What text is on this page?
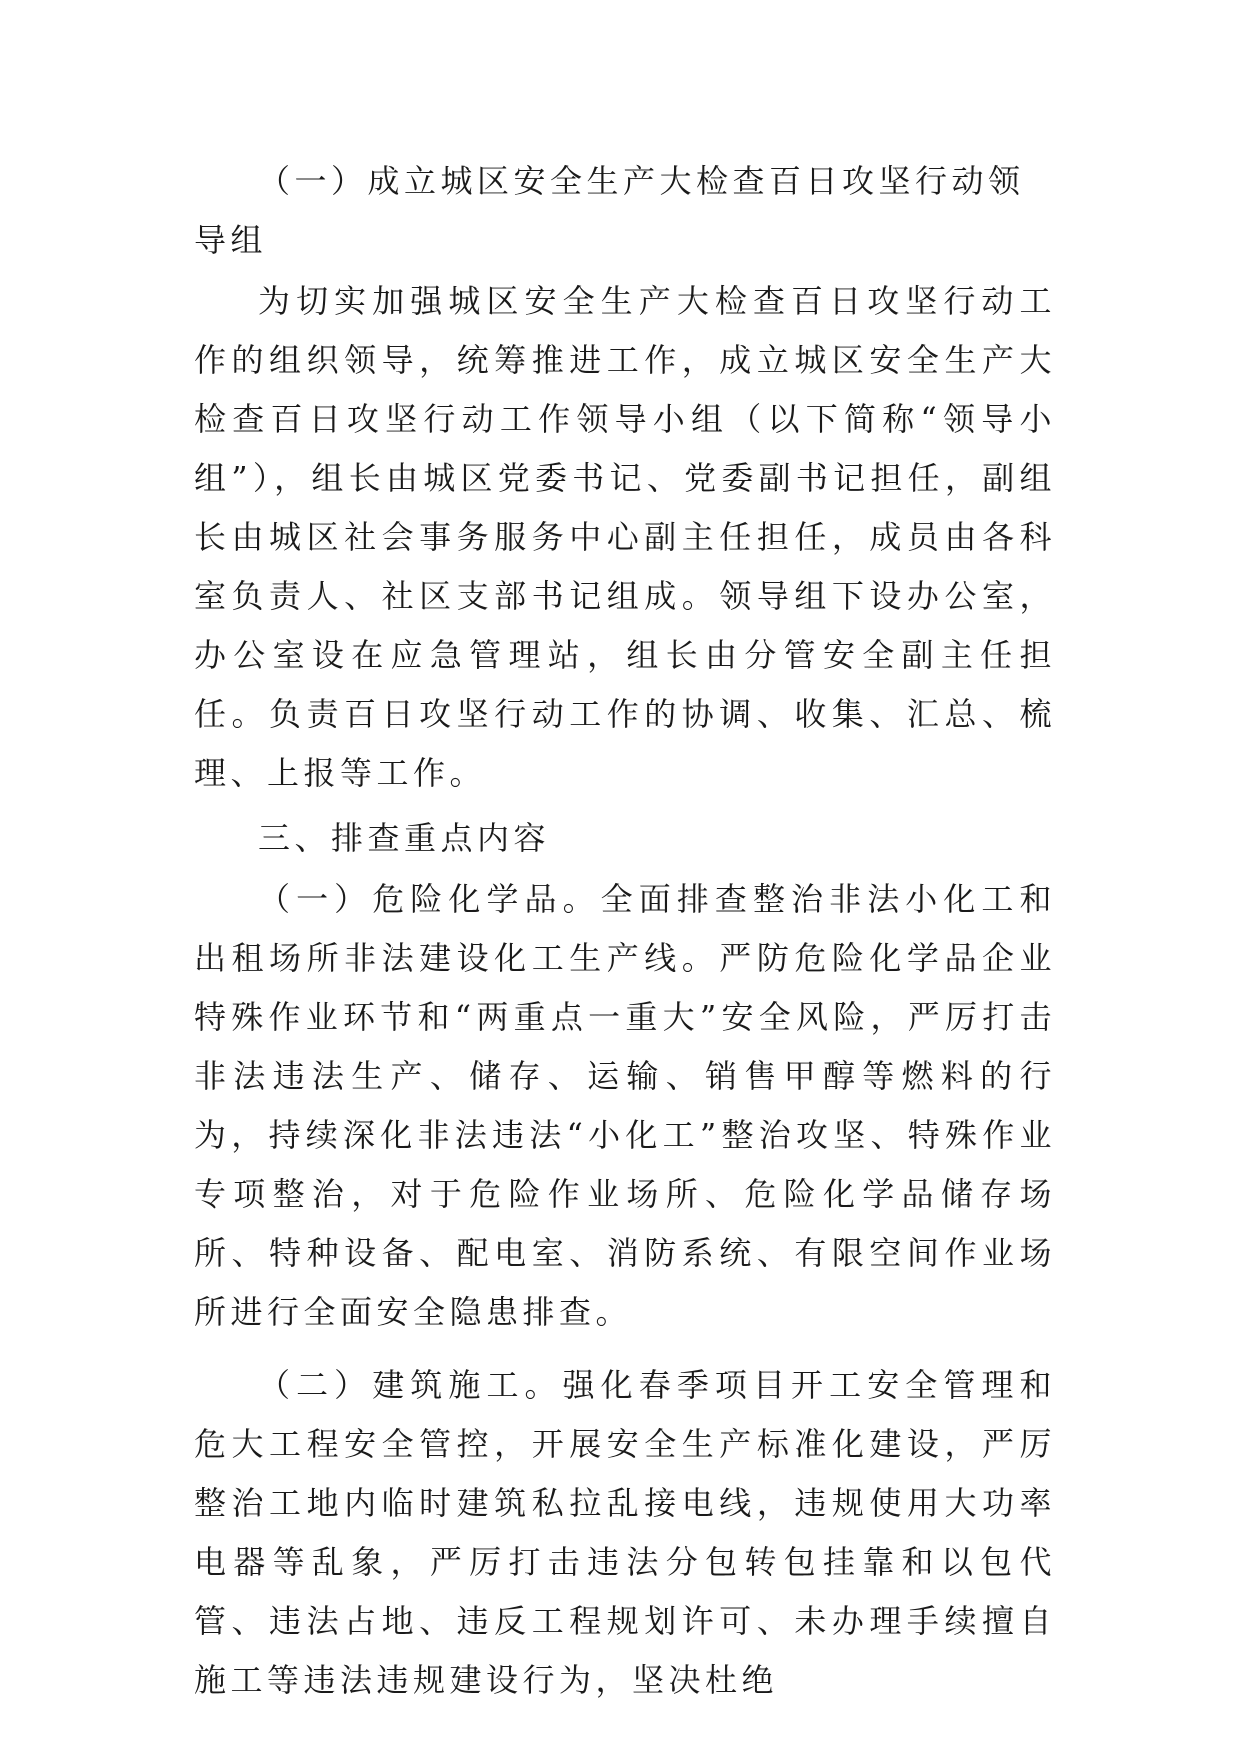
（一）成立城区安全生产大检查百日攻坚行动领导组

为切实加强城区安全生产大检查百日攻坚行动工作的组织领导，统筹推进工作，成立城区安全生产大检查百日攻坚行动工作领导小组（以下简称“领导小组”），组长由城区党委书记、党委副书记担任，副组长由城区社会事务服务中心副主任担任，成员由各科室负责人、社区支部书记组成。领导组下设办公室，办公室设在应急管理站，组长由分管安全副主任担任。负责百日攻坚行动工作的协调、收集、汇总、梳理、上报等工作。

三、排查重点内容

（一）危险化学品。全面排查整治非法小化工和出租场所非法建设化工生产线。严防危险化学品企业特殊作业环节和“两重点一重大”安全风险，严厉打击非法违法生产、储存、运输、销售甲醇等燃料的行为，持续深化非法违法“小化工”整治攻坚、特殊作业专项整治，对于危险作业场所、危险化学品储存场所、特种设备、配电室、消防系统、有限空间作业场所进行全面安全隐患排查。

（二）建筑施工。强化春季项目开工安全管理和危大工程安全管控，开展安全生产标准化建设，严厉整治工地内临时建筑私拉乱接电线，违规使用大功率电器等乱象，严厉打击违法分包转包挂靠和以包代管、违法占地、违反工程规划许可、未办理手续擅自施工等违法违规建设行为，坚决杜绝
